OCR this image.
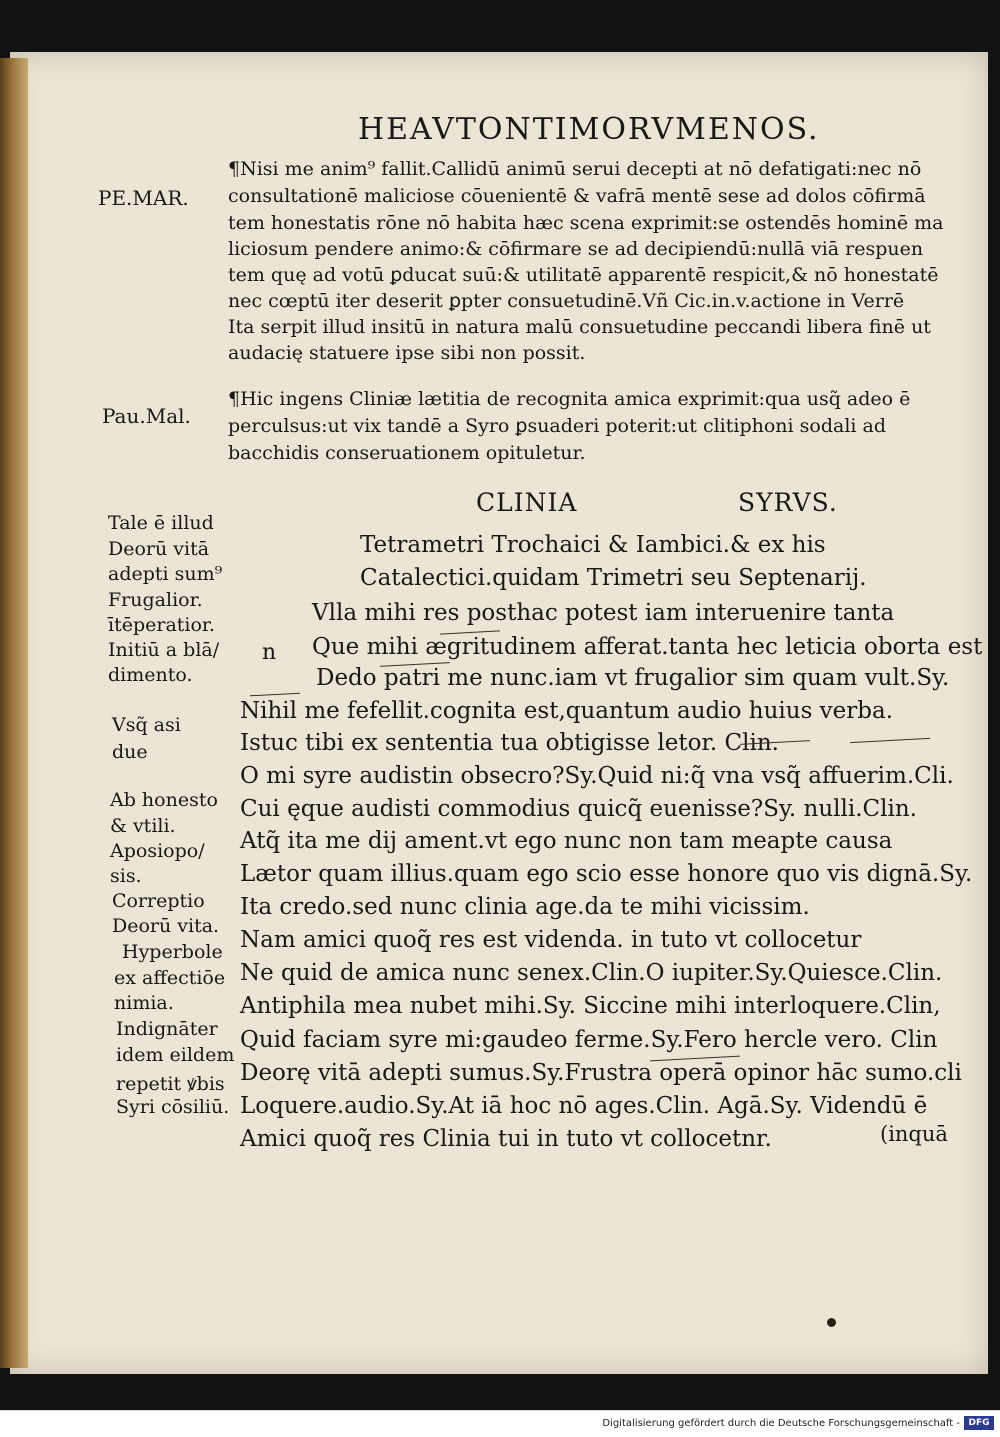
HEAVTONTIMORVMENOS.
PE.MAR.
¶Nisi me anim⁹ fallit.Callidū animū serui decepti at nō defatigati:nec nō
consultationē maliciose cōuenientē & vafrā mentē sese ad dolos cōfirmā
tem honestatis rōne nō habita hæc scena exprimit:se ostendēs hominē ma
liciosum pendere animo:& cōfirmare se ad decipiendū:nullā viā respuen
tem quę ad votū ꝑducat suū:& utilitatē apparentē respicit,& nō honestatē
nec cœptū iter deserit ꝑpter consuetudinē.Vñ Cic.in.v.actione in Verrē
Ita serpit illud insitū in natura malū consuetudine peccandi libera finē ut
audacię statuere ipse sibi non possit.
Pau.Mal.
¶Hic ingens Cliniæ lætitia de recognita amica exprimit:qua usq̃ adeo ē
perculsus:ut vix tandē a Syro ꝑsuaderi poterit:ut clitiphoni sodali ad
bacchidis conseruationem opituletur.
CLINIA	SYRVS.
Tetrametri Trochaici & Iambici.& ex his
Catalectici.quidam Trimetri seu Septenarij.
Tale ē illud
Deorū vitā
adepti sum⁹
Frugalior.
ītēperatior.
Initiū a blā/
dimento.
Vsq̃ asi
due
Ab honesto
& vtili.
Aposiopo/
sis.
Correptio
Deorū vita.
Hyperbole
ex affectiōe
nimia.
Indignāter
idem eildem
repetit ꝟbis
Syri cōsiliū.
n
Vlla mihi res posthac potest iam interuenire tanta
Que mihi ægritudinem afferat.tanta hec leticia oborta est
Dedo patri me nunc.iam vt frugalior sim quam vult.Sy.
Nihil me fefellit.cognita est,quantum audio huius verba.
Istuc tibi ex sententia tua obtigisse letor. Clin.
O mi syre audistin obsecro?Sy.Quid ni:q̃ vna vsq̃ affuerim.Cli.
Cui ęque audisti commodius quicq̃ euenisse?Sy. nulli.Clin.
Atq̃ ita me dij ament.vt ego nunc non tam meapte causa
Lætor quam illius.quam ego scio esse honore quo vis dignā.Sy.
Ita credo.sed nunc clinia age.da te mihi vicissim.
Nam amici quoq̃ res est videnda. in tuto vt collocetur
Ne quid de amica nunc senex.Clin.O iupiter.Sy.Quiesce.Clin.
Antiphila mea nubet mihi.Sy. Siccine mihi interloquere.Clin,
Quid faciam syre mi:gaudeo ferme.Sy.Fero hercle vero. Clin
Deorę vitā adepti sumus.Sy.Frustra operā opinor hāc sumo.cli
Loquere.audio.Sy.At iā hoc nō ages.Clin. Agā.Sy. Videndū ē
Amici quoq̃ res Clinia tui in tuto vt collocetnr.	(inquā
Digitalisierung gefördert durch die Deutsche Forschungsgemeinschaft - DFG
